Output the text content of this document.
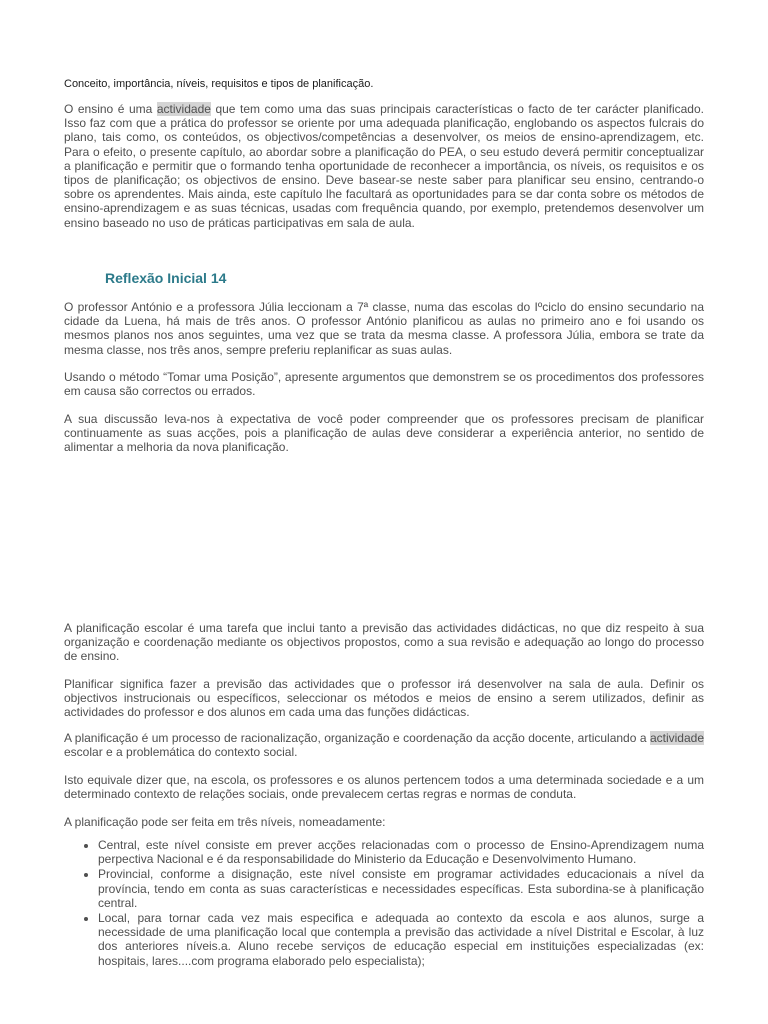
Conceito, importância, níveis, requisitos e tipos de planificação.

O ensino é uma actividade que tem como uma das suas principais características o facto de ter carácter planificado. Isso faz com que a prática do professor se oriente por uma adequada planificação, englobando os aspectos fulcrais do plano, tais como, os conteúdos, os objectivos/competências a desenvolver, os meios de ensino-aprendizagem, etc. Para o efeito, o presente capítulo, ao abordar sobre a planificação do PEA, o seu estudo deverá permitir conceptualizar a planificação e permitir que o formando tenha oportunidade de reconhecer a importância, os níveis, os requisitos e os tipos de planificação; os objectivos de ensino. Deve basear-se neste saber para planificar seu ensino, centrando-o sobre os aprendentes. Mais ainda, este capítulo lhe facultará as oportunidades para se dar conta sobre os métodos de ensino-aprendizagem e as suas técnicas, usadas com frequência quando, por exemplo, pretendemos desenvolver um ensino baseado no uso de práticas participativas em sala de aula.

Reflexão Inicial 14

O professor António e a professora Júlia leccionam a 7ª classe, numa das escolas do Iºciclo do ensino secundario na cidade da Luena, há mais de três anos. O professor António planificou as aulas no primeiro ano e foi usando os mesmos planos nos anos seguintes, uma vez que se trata da mesma classe. A professora Júlia, embora se trate da mesma classe, nos três anos, sempre preferiu replanificar as suas aulas.

Usando o método “Tomar uma Posição”, apresente argumentos que demonstrem se os procedimentos dos professores em causa são correctos ou errados.

A sua discussão leva-nos à expectativa de você poder compreender que os professores precisam de planificar continuamente as suas acções, pois a planificação de aulas deve considerar a experiência anterior, no sentido de alimentar a melhoria da nova planificação.

A planificação escolar é uma tarefa que inclui tanto a previsão das actividades didácticas, no que diz respeito à sua organização e coordenação mediante os objectivos propostos, como a sua revisão e adequação ao longo do processo de ensino.

Planificar significa fazer a previsão das actividades que o professor irá desenvolver na sala de aula. Definir os objectivos instrucionais ou específicos, seleccionar os métodos e meios de ensino a serem utilizados, definir as actividades do professor e dos alunos em cada uma das funções didácticas.

A planificação é um processo de racionalização, organização e coordenação da acção docente, articulando a actividade escolar e a problemática do contexto social.

Isto equivale dizer que, na escola, os professores e os alunos pertencem todos a uma determinada sociedade e a um determinado contexto de relações sociais, onde prevalecem certas regras e normas de conduta.

A planificação pode ser feita em três níveis, nomeadamente:

• Central, este nível consiste em prever acções relacionadas com o processo de Ensino-Aprendizagem numa perpectiva Nacional e é da responsabilidade do Ministerio da Educação e Desenvolvimento Humano.
• Provincial, conforme a disignação, este nível consiste em programar actividades educacionais a nível da província, tendo em conta as suas características e necessidades específicas. Esta subordina-se à planificação central.
• Local, para tornar cada vez mais especifica e adequada ao contexto da escola e aos alunos, surge a necessidade de uma planificação local que contempla a previsão das actividade a nível Distrital e Escolar, à luz dos anteriores níveis.a. Aluno recebe serviços de educação especial em instituições especializadas (ex: hospitais, lares....com programa elaborado pelo especialista);
